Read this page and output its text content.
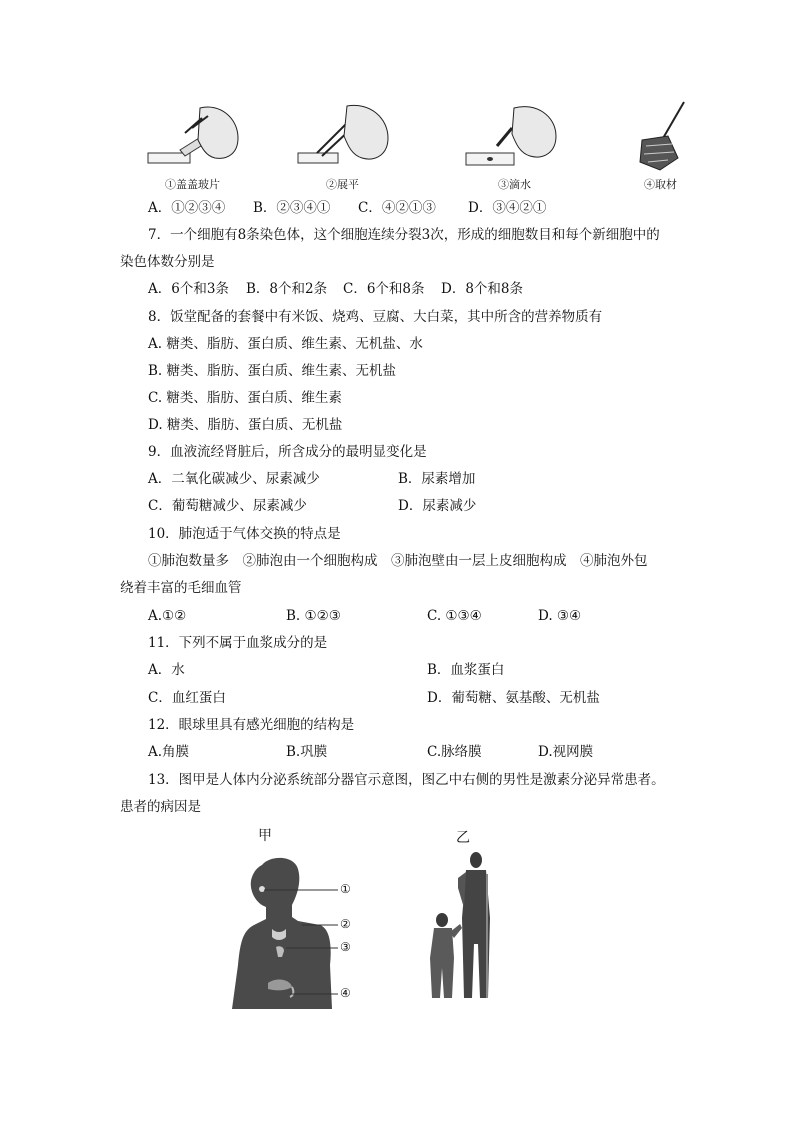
①盖盖玻片	②展平	③滴水	④取材
A．①②③④ B．②③④① C．④②①③ D．③④②①
7．一个细胞有8条染色体，这个细胞连续分裂3次，形成的细胞数目和每个新细胞中的
染色体数分别是
A．6个和3条 B．8个和2条 C．6个和8条 D．8个和8条
8．饭堂配备的套餐中有米饭、烧鸡、豆腐、大白菜，其中所含的营养物质有
A. 糖类、脂肪、蛋白质、维生素、无机盐、水
B. 糖类、脂肪、蛋白质、维生素、无机盐
C. 糖类、脂肪、蛋白质、维生素
D. 糖类、脂肪、蛋白质、无机盐
9．血液流经肾脏后，所含成分的最明显变化是
A．二氧化碳减少、尿素减少	B．尿素增加
C．葡萄糖减少、尿素减少	D．尿素减少
10．肺泡适于气体交换的特点是
①肺泡数量多　②肺泡由一个细胞构成　③肺泡壁由一层上皮细胞构成　④肺泡外包
绕着丰富的毛细血管
A.①②	B. ①②③	C. ①③④	D. ③④
11．下列不属于血浆成分的是
A．水	B．血浆蛋白
C．血红蛋白	D．葡萄糖、氨基酸、无机盐
12．眼球里具有感光细胞的结构是
A.角膜	B.巩膜	C.脉络膜	D.视网膜
13．图甲是人体内分泌系统部分器官示意图，图乙中右侧的男性是激素分泌异常患者。
患者的病因是
甲	乙
①
②
③
④
